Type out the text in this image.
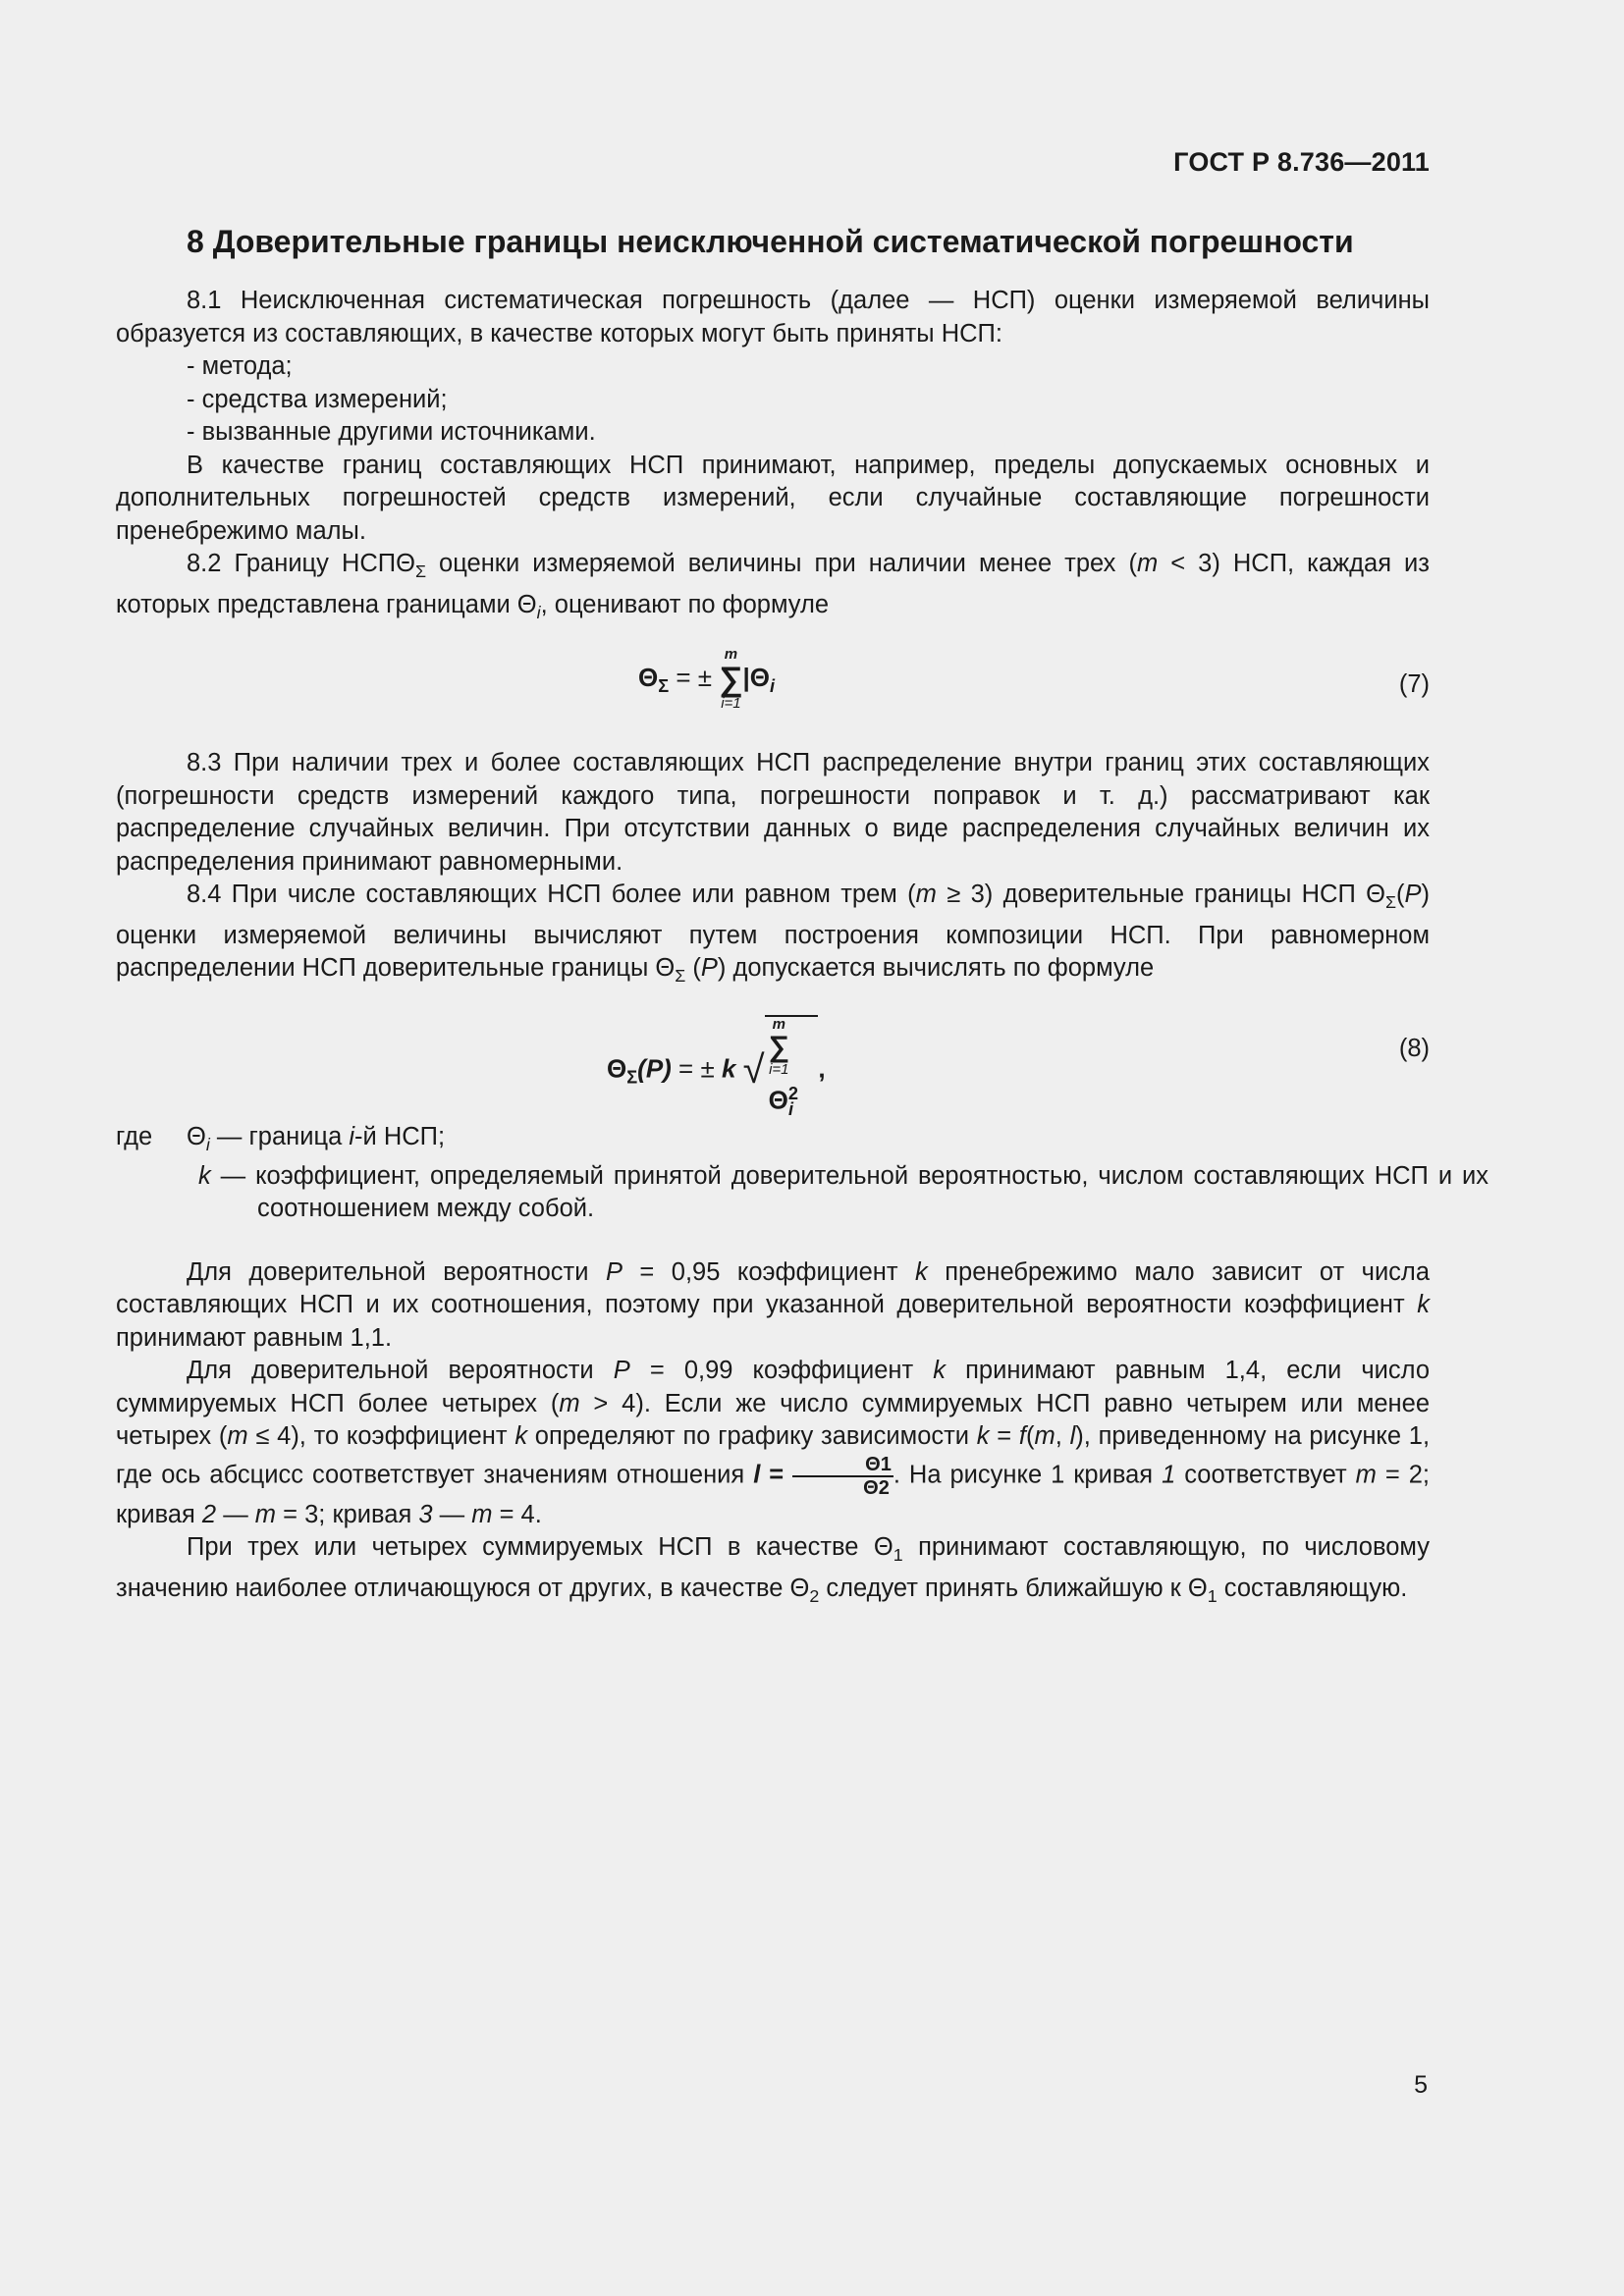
ГОСТ Р 8.736—2011
8 Доверительные границы неисключенной систематической погрешности

8.1 Неисключенная систематическая погрешность (далее — НСП) оценки измеряемой величины образуется из составляющих, в качестве которых могут быть приняты НСП:

- метода;

- средства измерений;

- вызванные другими источниками.

В качестве границ составляющих НСП принимают, например, пределы допускаемых основных и дополнительных погрешностей средств измерений, если случайные составляющие погрешности пренебрежимо малы.

8.2 Границу $НСП\Theta_\Sigma$ оценки измеряемой величины при наличии менее трех (m < 3) НСП, каждая из которых представлена границами $\Theta_i$, оценивают по формуле

$\Theta_\Sigma$ = ±
m
∑
i=1
$|\Theta_i$	(7)

8.3 При наличии трех и более составляющих НСП распределение внутри границ этих составляющих (погрешности средств измерений каждого типа, погрешности поправок и т. д.) рассматривают как распределение случайных величин. При отсутствии данных о виде распределения случайных величин их распределения принимают равномерными.

8.4 При числе составляющих НСП более или равном трем (m ≥ 3) доверительные границы НСП $\Theta_\Sigma(P)$ оценки измеряемой величины вычисляют путем построения композиции НСП. При равномерном распределении НСП доверительные границы $\Theta_\Sigma$ (P) допускается вычислять по формуле

$\Theta_\Sigma(P)$ = ± k √
m
∑
i=1
$\Theta^2_i$,
(8)
где $\Theta_i$ — граница i-й НСП;
k — коэффициент, определяемый принятой доверительной вероятностью, числом составляющих НСП и их соотношением между собой.

Для доверительной вероятности P = 0,95 коэффициент k пренебрежимо мало зависит от числа составляющих НСП и их соотношения, поэтому при указанной доверительной вероятности коэффициент k принимают равным 1,1.

Для доверительной вероятности P = 0,99 коэффициент k принимают равным 1,4, если число суммируемых НСП более четырех (m > 4). Если же число суммируемых НСП равно четырем или менее четырех (m ≤ 4), то коэффициент k определяют по графику зависимости k = f(m, l), приведенному на рисунке 1, где ось абсцисс соответствует значениям отношения $l = \frac{\Theta 1}{\Theta 2}$ . На рисунке 1 кривая 1 соответствует m = 2; кривая 2 — m = 3; кривая 3 — m = 4.

При трех или четырех суммируемых НСП в качестве $\Theta_1$ принимают составляющую, по числовому значению наиболее отличающуюся от других, в качестве $\Theta_2$ следует принять ближайшую к $\Theta_1$ составляющую.

5
